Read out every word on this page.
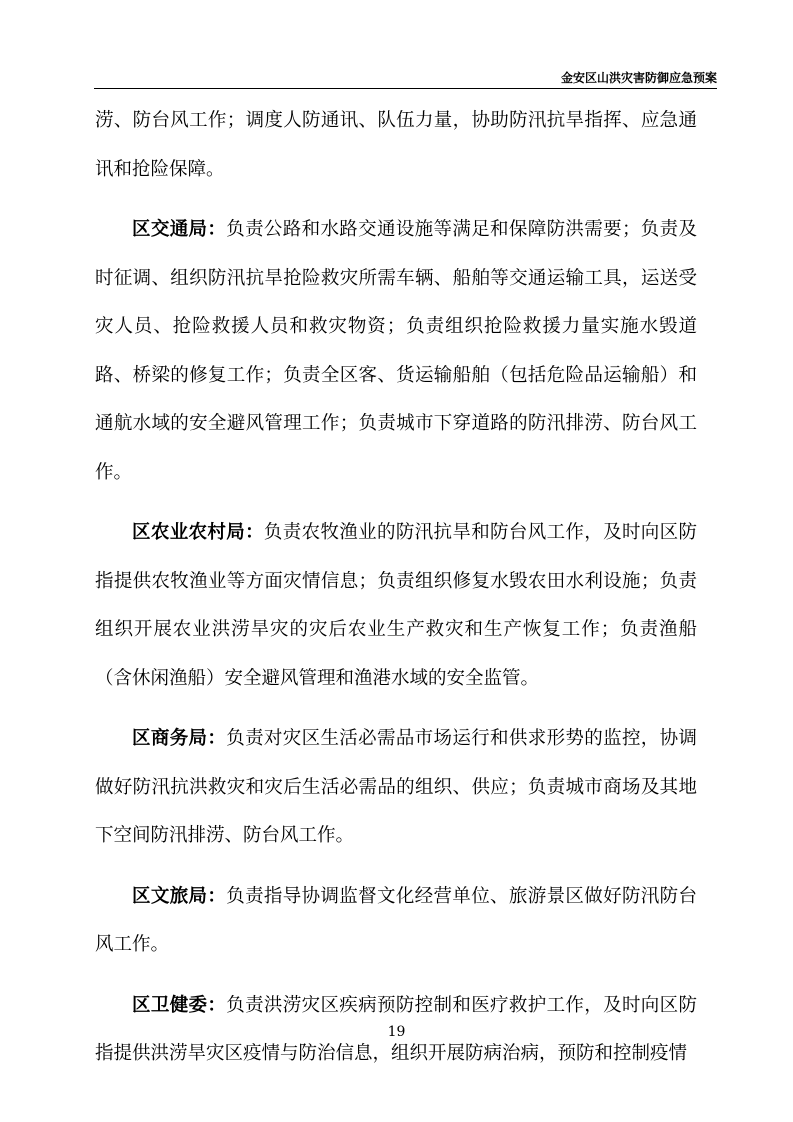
金安区山洪灾害防御应急预案

涝、防台风工作；调度人防通讯、队伍力量，协助防汛抗旱指挥、应急通讯和抢险保障。

区交通局：负责公路和水路交通设施等满足和保障防洪需要；负责及时征调、组织防汛抗旱抢险救灾所需车辆、船舶等交通运输工具，运送受灾人员、抢险救援人员和救灾物资；负责组织抢险救援力量实施水毁道路、桥梁的修复工作；负责全区客、货运输船舶（包括危险品运输船）和通航水域的安全避风管理工作；负责城市下穿道路的防汛排涝、防台风工作。

区农业农村局：负责农牧渔业的防汛抗旱和防台风工作，及时向区防指提供农牧渔业等方面灾情信息；负责组织修复水毁农田水利设施；负责组织开展农业洪涝旱灾的灾后农业生产救灾和生产恢复工作；负责渔船（含休闲渔船）安全避风管理和渔港水域的安全监管。

区商务局：负责对灾区生活必需品市场运行和供求形势的监控，协调做好防汛抗洪救灾和灾后生活必需品的组织、供应；负责城市商场及其地下空间防汛排涝、防台风工作。

区文旅局：负责指导协调监督文化经营单位、旅游景区做好防汛防台风工作。

区卫健委：负责洪涝灾区疾病预防控制和医疗救护工作，及时向区防指提供洪涝旱灾区疫情与防治信息，组织开展防病治病，预防和控制疫情

19
